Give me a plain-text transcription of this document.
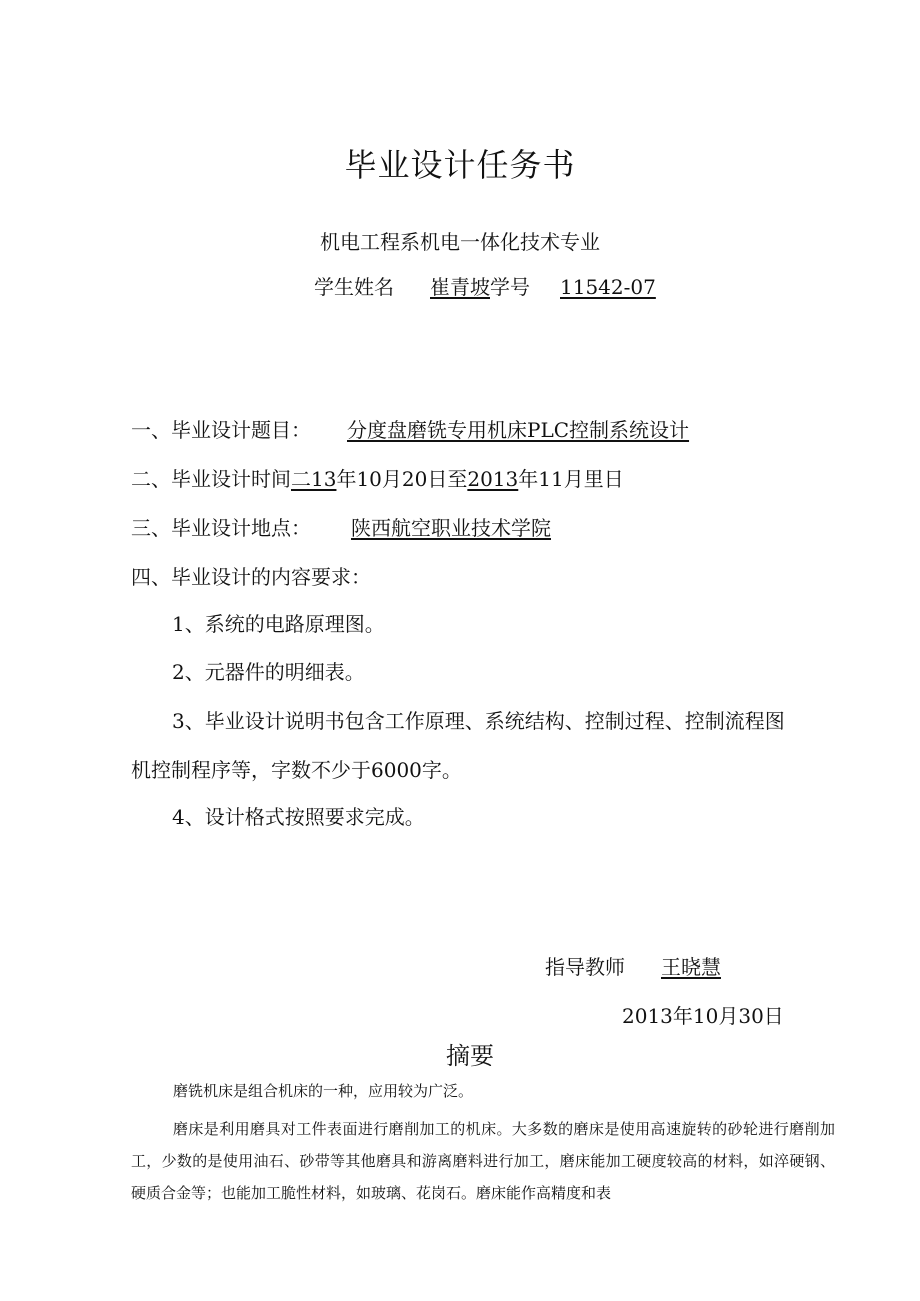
毕业设计任务书
机电工程系机电一体化技术专业
学生姓名 崔青坡学号 11542-07
一、毕业设计题目： 分度盘磨铣专用机床PLC控制系统设计
二、毕业设计时间二13年10月20日至2013年11月里日
三、毕业设计地点： 陕西航空职业技术学院
四、毕业设计的内容要求：
1、系统的电路原理图。
2、元器件的明细表。
3、毕业设计说明书包含工作原理、系统结构、控制过程、控制流程图
机控制程序等，字数不少于6000字。
4、设计格式按照要求完成。
指导教师 王晓慧
2013年10月30日
摘要
磨铣机床是组合机床的一种，应用较为广泛。
磨床是利用磨具对工件表面进行磨削加工的机床。大多数的磨床是使用高速旋转的砂轮进行磨削加工，少数的是使用油石、砂带等其他磨具和游离磨料进行加工，磨床能加工硬度较高的材料，如淬硬钢、硬质合金等；也能加工脆性材料，如玻璃、花岗石。磨床能作高精度和表
